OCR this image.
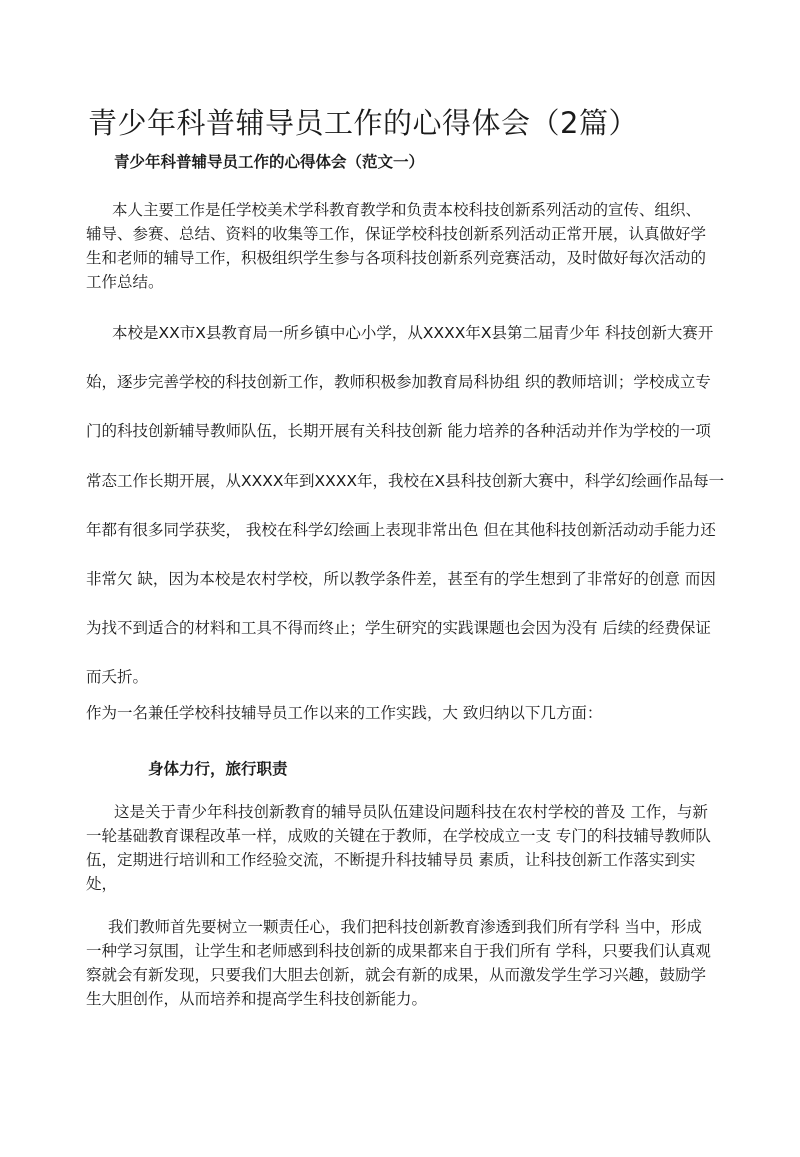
青少年科普辅导员工作的心得体会（2篇）
青少年科普辅导员工作的心得体会（范文一）

本人主要工作是任学校美术学科教育教学和负责本校科技创新系列活动的宣传、组织、辅导、参赛、总结、资料的收集等工作，保证学校科技创新系列活动正常开展，认真做好学生和老师的辅导工作，积极组织学生参与各项科技创新系列竞赛活动，及时做好每次活动的工作总结。

本校是XX市X县教育局一所乡镇中心小学，从XXXX年X县第二届青少年 科技创新大赛开始，逐步完善学校的科技创新工作，教师积极参加教育局科协组 织的教师培训；学校成立专门的科技创新辅导教师队伍，长期开展有关科技创新 能力培养的各种活动并作为学校的一项常态工作长期开展，从XXXX年到XXXX年，我校在X县科技创新大赛中，科学幻绘画作品每一年都有很多同学获奖， 我校在科学幻绘画上表现非常出色 但在其他科技创新活动动手能力还非常欠 缺，因为本校是农村学校，所以教学条件差，甚至有的学生想到了非常好的创意 而因为找不到适合的材料和工具不得而终止；学生研究的实践课题也会因为没有 后续的经费保证而夭折。

作为一名兼任学校科技辅导员工作以来的工作实践，大 致归纳以下几方面：

身体力行，旅行职责

这是关于青少年科技创新教育的辅导员队伍建设问题科技在农村学校的普及 工作，与新一轮基础教育课程改革一样，成败的关键在于教师，在学校成立一支 专门的科技辅导教师队伍，定期进行培训和工作经验交流，不断提升科技辅导员 素质，让科技创新工作落实到实处，

我们教师首先要树立一颗责任心，我们把科技创新教育渗透到我们所有学科 当中，形成一种学习氛围，让学生和老师感到科技创新的成果都来自于我们所有 学科，只要我们认真观察就会有新发现，只要我们大胆去创新，就会有新的成果，从而激发学生学习兴趣，鼓励学生大胆创作，从而培养和提高学生科技创新能力。
